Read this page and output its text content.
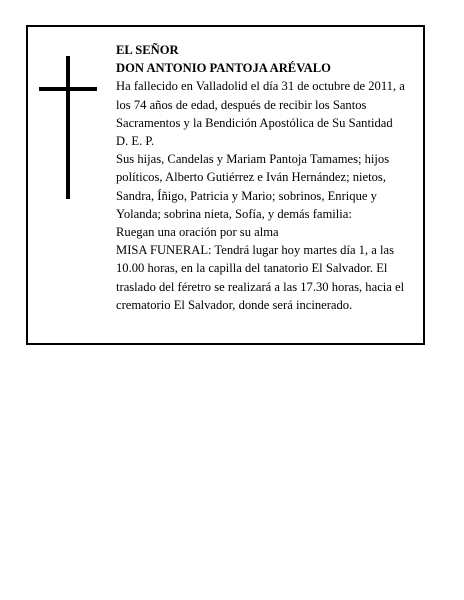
EL SEÑOR

DON ANTONIO PANTOJA ARÉVALO

Ha fallecido en Valladolid el día 31 de octubre de 2011, a los 74 años de edad, después de recibir los Santos Sacramentos y la Bendición Apostólica de Su Santidad

D. E. P.

Sus hijas, Candelas y Mariam Pantoja Tamames; hijos políticos, Alberto Gutiérrez e Iván Hernández; nietos, Sandra, Íñigo, Patricia y Mario; sobrinos, Enrique y Yolanda; sobrina nieta, Sofía, y demás familia:

Ruegan una oración por su alma

MISA FUNERAL: Tendrá lugar hoy martes día 1, a las 10.00 horas, en la capilla del tanatorio El Salvador. El traslado del féretro se realizará a las 17.30 horas, hacia el crematorio El Salvador, donde será incinerado.
